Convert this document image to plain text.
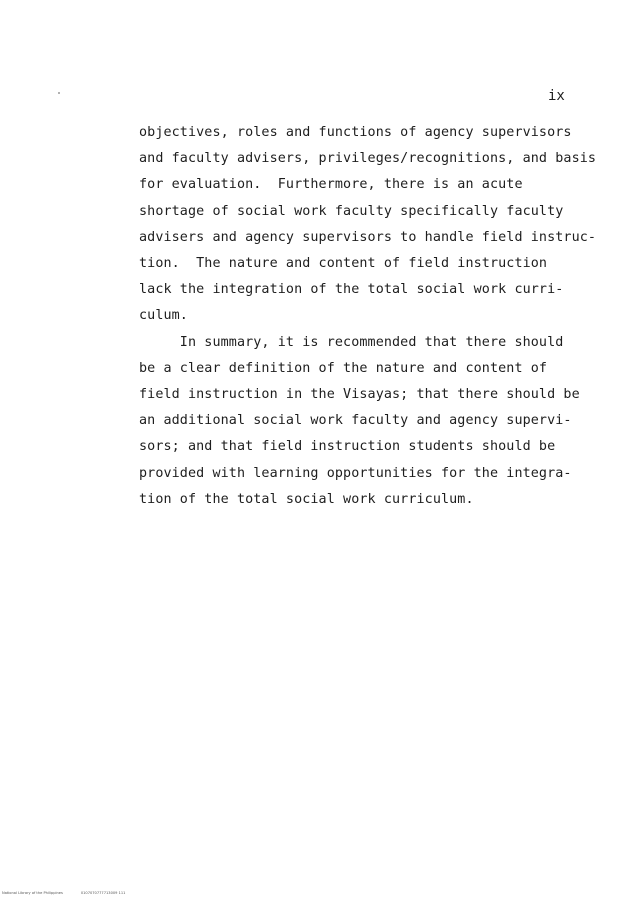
ix
objectives, roles and functions of agency supervisors
and faculty advisers, privileges/recognitions, and basis
for evaluation.  Furthermore, there is an acute
shortage of social work faculty specifically faculty
advisers and agency supervisors to handle field instruc-
tion.  The nature and content of field instruction
lack the integration of the total social work curri-
culum.
In summary, it is recommended that there should
be a clear definition of the nature and content of
field instruction in the Visayas; that there should be
an additional social work faculty and agency supervi-
sors; and that field instruction students should be
provided with learning opportunities for the integra-
tion of the total social work curriculum.
National Library of the Philippines	0107070777713009 111
